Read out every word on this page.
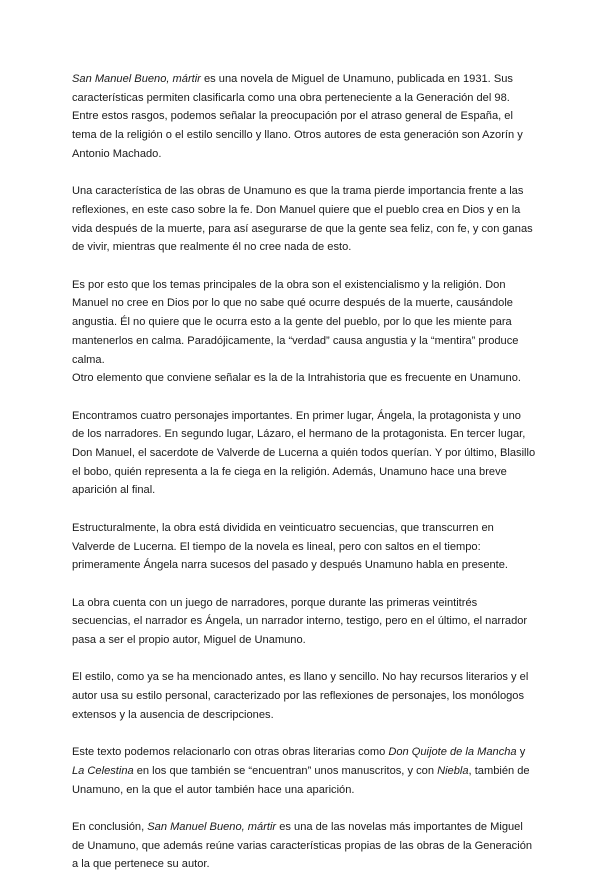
San Manuel Bueno, mártir es una novela de Miguel de Unamuno, publicada en 1931. Sus características permiten clasificarla como una obra perteneciente a la Generación del 98. Entre estos rasgos, podemos señalar la preocupación por el atraso general de España, el tema de la religión o el estilo sencillo y llano. Otros autores de esta generación son Azorín y Antonio Machado.

Una característica de las obras de Unamuno es que la trama pierde importancia frente a las reflexiones, en este caso sobre la fe. Don Manuel quiere que el pueblo crea en Dios y en la vida después de la muerte, para así asegurarse de que la gente sea feliz, con fe, y con ganas de vivir, mientras que realmente él no cree nada de esto.

Es por esto que los temas principales de la obra son el existencialismo y la religión. Don Manuel no cree en Dios por lo que no sabe qué ocurre después de la muerte, causándole angustia. Él no quiere que le ocurra esto a la gente del pueblo, por lo que les miente para mantenerlos en calma. Paradójicamente, la “verdad” causa angustia y la “mentira” produce calma.

Otro elemento que conviene señalar es la de la Intrahistoria que es frecuente en Unamuno.

Encontramos cuatro personajes importantes. En primer lugar, Ángela, la protagonista y uno de los narradores. En segundo lugar, Lázaro, el hermano de la protagonista. En tercer lugar, Don Manuel, el sacerdote de Valverde de Lucerna a quién todos querían. Y por último, Blasillo el bobo, quién representa a la fe ciega en la religión. Además, Unamuno hace una breve aparición al final.

Estructuralmente, la obra está dividida en veinticuatro secuencias, que transcurren en Valverde de Lucerna. El tiempo de la novela es lineal, pero con saltos en el tiempo: primeramente Ángela narra sucesos del pasado y después Unamuno habla en presente.

La obra cuenta con un juego de narradores, porque durante las primeras veintitrés secuencias, el narrador es Ángela, un narrador interno, testigo, pero en el último, el narrador pasa a ser el propio autor, Miguel de Unamuno.

El estilo, como ya se ha mencionado antes, es llano y sencillo. No hay recursos literarios y el autor usa su estilo personal, caracterizado por las reflexiones de personajes, los monólogos extensos y la ausencia de descripciones.

Este texto podemos relacionarlo con otras obras literarias como Don Quijote de la Mancha y La Celestina en los que también se “encuentran” unos manuscritos, y con Niebla, también de Unamuno, en la que el autor también hace una aparición.

En conclusión, San Manuel Bueno, mártir es una de las novelas más importantes de Miguel de Unamuno, que además reúne varias características propias de las obras de la Generación a la que pertenece su autor.
